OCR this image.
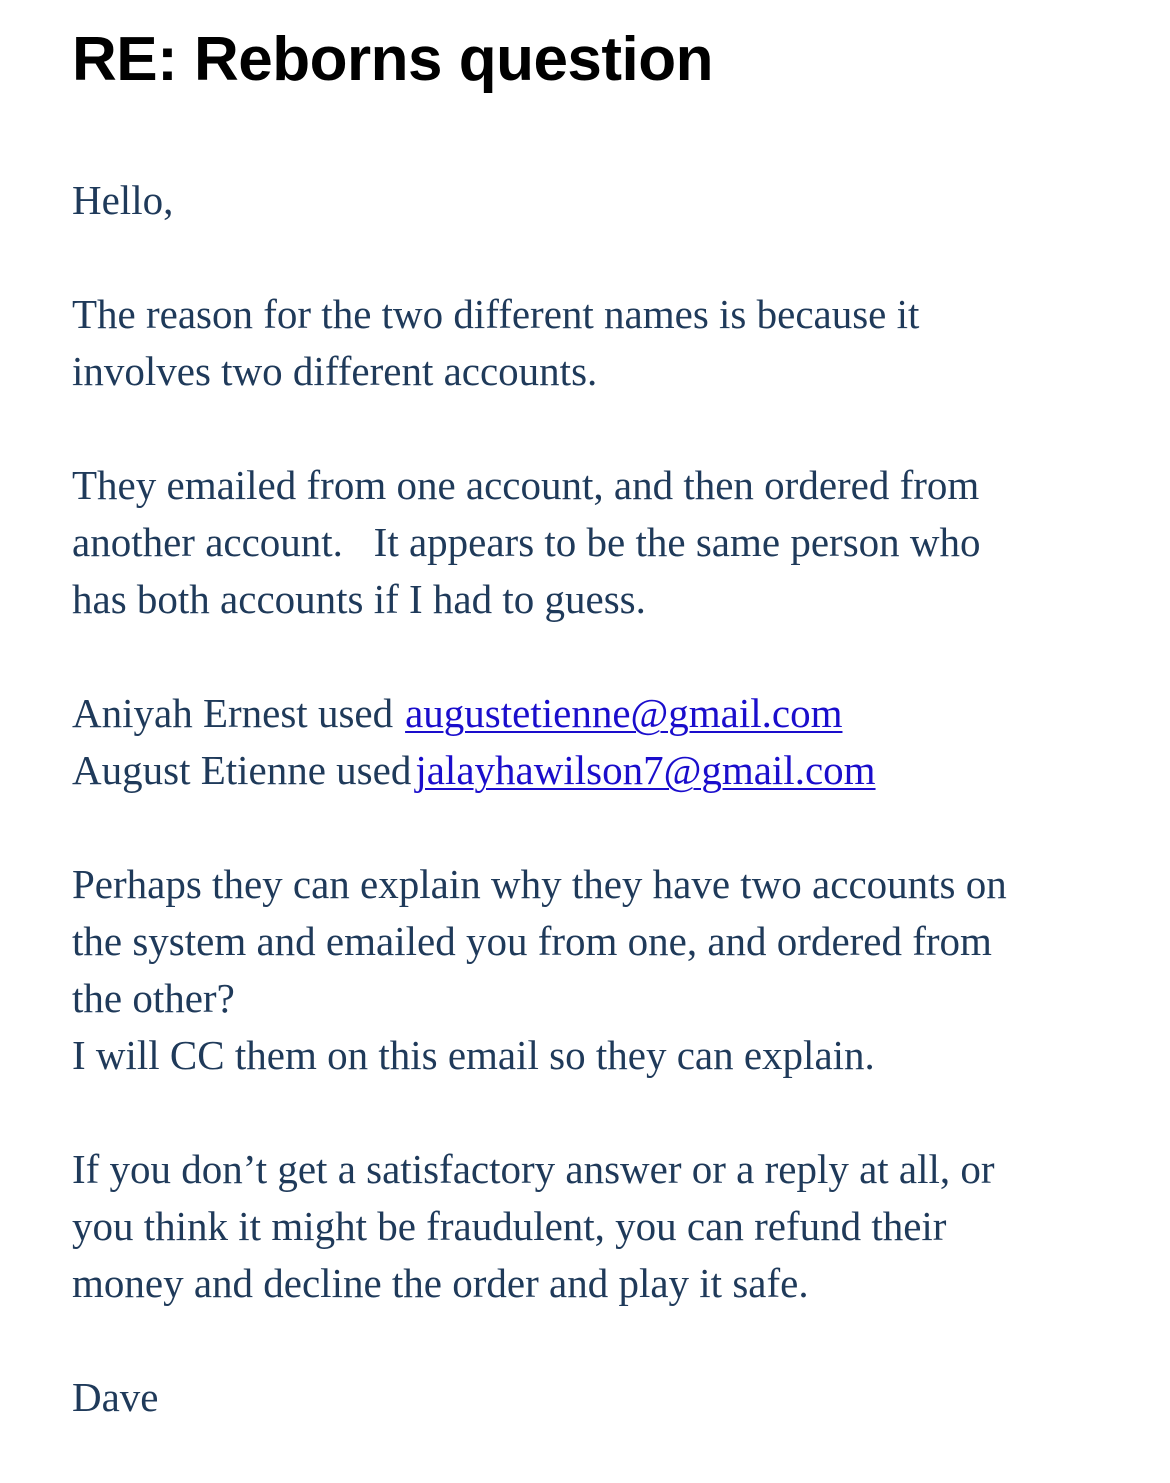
RE: Reborns question

Hello,

The reason for the two different names is because it
involves two different accounts.

They emailed from one account, and then ordered from
another account.   It appears to be the same person who
has both accounts if I had to guess.

Aniyah Ernest used augustetienne@gmail.com
August Etienne usedjalayhawilson7@gmail.com

Perhaps they can explain why they have two accounts on
the system and emailed you from one, and ordered from
the other?
I will CC them on this email so they can explain.

If you don’t get a satisfactory answer or a reply at all, or
you think it might be fraudulent, you can refund their
money and decline the order and play it safe.

Dave
